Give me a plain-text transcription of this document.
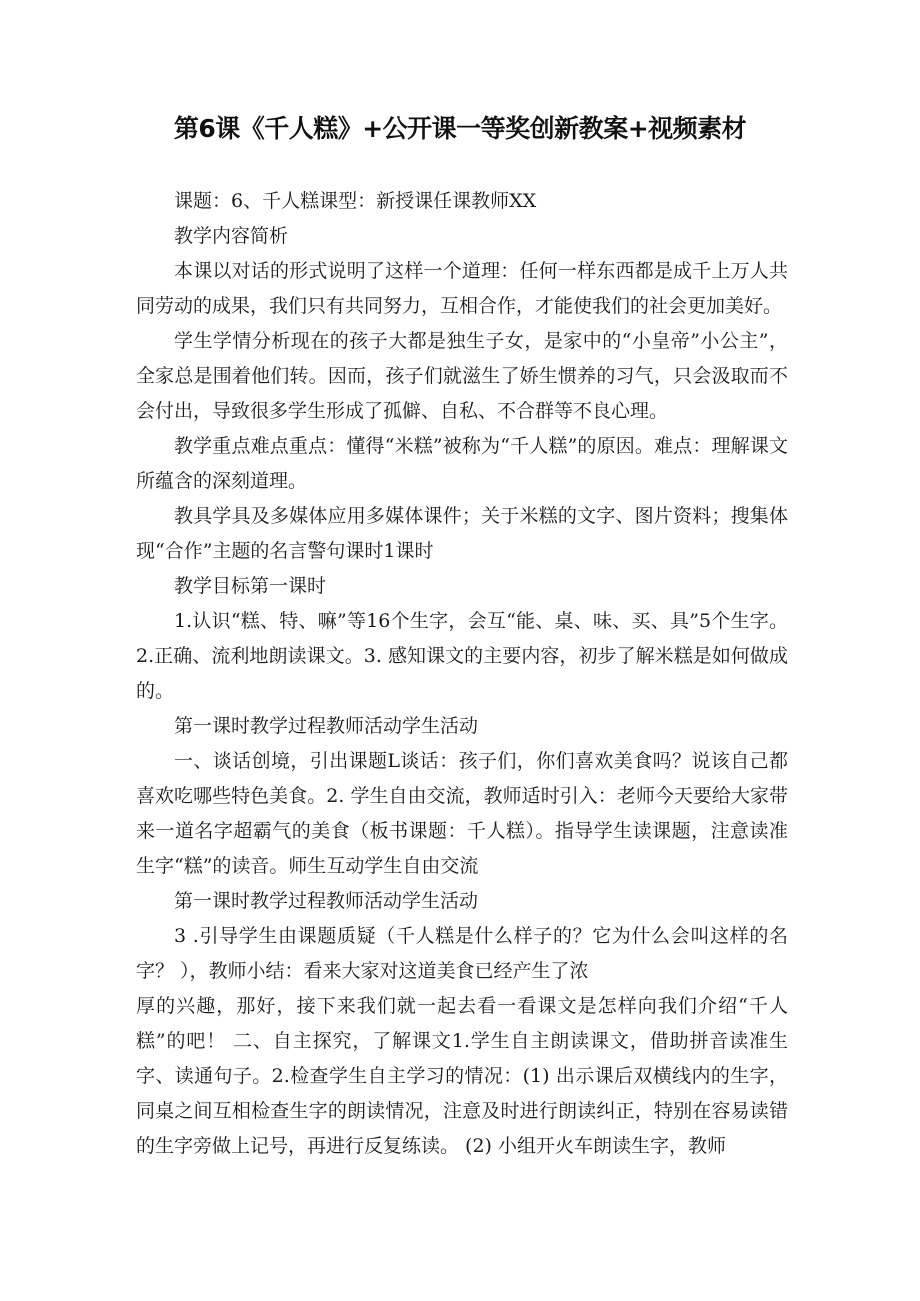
第6课《千人糕》+公开课一等奖创新教案+视频素材

课题：6、千人糕课型：新授课任课教师XX

教学内容简析

本课以对话的形式说明了这样一个道理：任何一样东西都是成千上万人共同劳动的成果，我们只有共同努力，互相合作，才能使我们的社会更加美好。

学生学情分析现在的孩子大都是独生子女，是家中的“小皇帝”小公主”，全家总是围着他们转。因而，孩子们就滋生了娇生惯养的习气，只会汲取而不会付出，导致很多学生形成了孤僻、自私、不合群等不良心理。

教学重点难点重点：懂得“米糕”被称为“千人糕”的原因。难点：理解课文所蕴含的深刻道理。

教具学具及多媒体应用多媒体课件；关于米糕的文字、图片资料；搜集体现“合作”主题的名言警句课时1课时

教学目标第一课时

1.认识“糕、特、嘛”等16个生字，会互“能、桌、味、买、具”5个生字。2.正确、流利地朗读课文。3. 感知课文的主要内容，初步了解米糕是如何做成的。

第一课时教学过程教师活动学生活动

一、谈话创境，引出课题L谈话：孩子们，你们喜欢美食吗？说该自己都喜欢吃哪些特色美食。2. 学生自由交流，教师适时引入：老师今天要给大家带来一道名字超霸气的美食（板书课题：千人糕）。指导学生读课题，注意读准生字“糕”的读音。师生互动学生自由交流

第一课时教学过程教师活动学生活动

3 .引导学生由课题质疑（千人糕是什么样子的？它为什么会叫这样的名字？ ），教师小结：看来大家对这道美食已经产生了浓

厚的兴趣，那好，接下来我们就一起去看一看课文是怎样向我们介绍“千人糕”的吧！ 二、自主探究，了解课文1.学生自主朗读课文，借助拼音读准生字、读通句子。2.检查学生自主学习的情况：(1) 出示课后双横线内的生字，同桌之间互相检查生字的朗读情况，注意及时进行朗读纠正，特别在容易读错的生字旁做上记号，再进行反复练读。 (2) 小组开火车朗读生字，教师
